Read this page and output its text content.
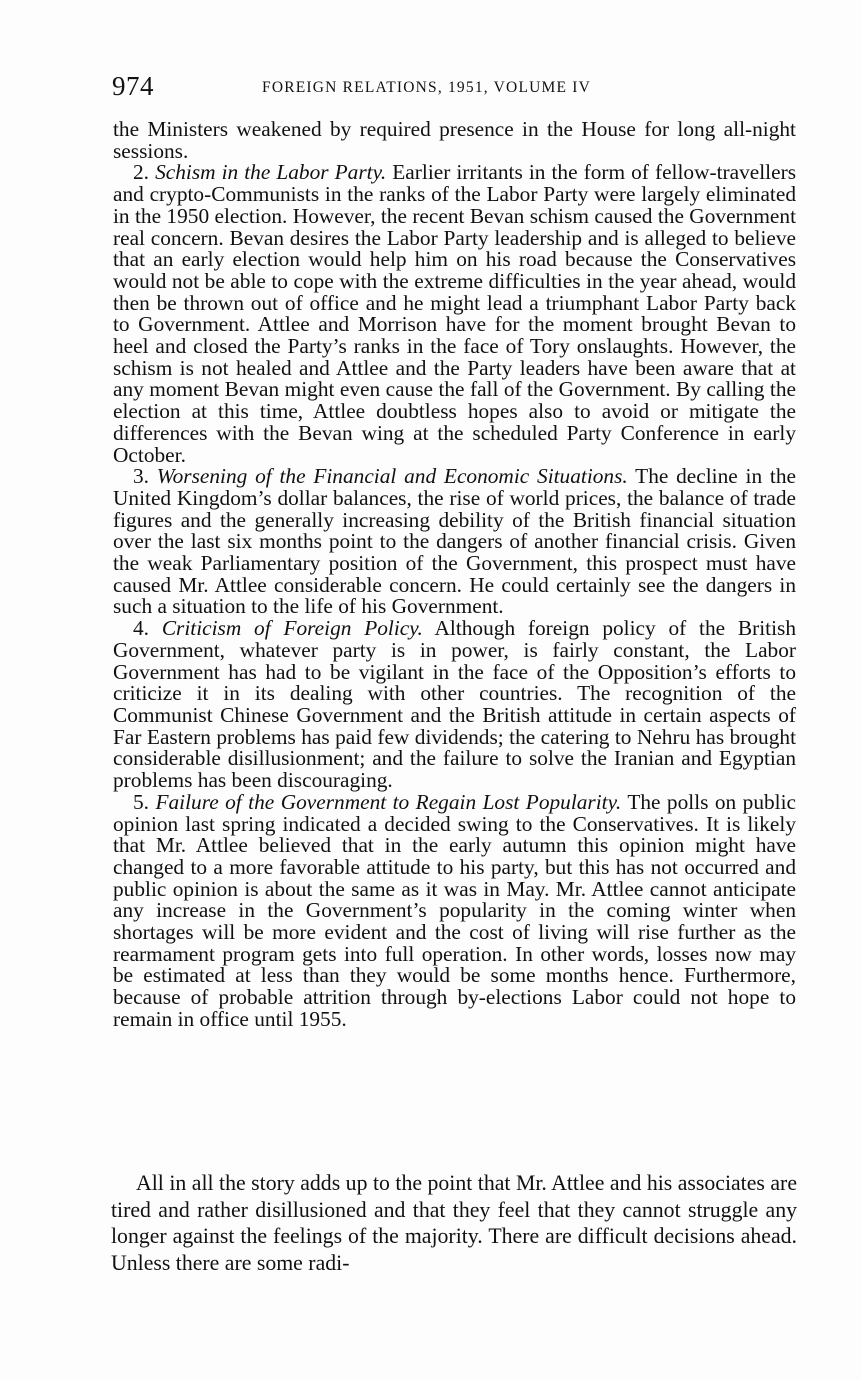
974	FOREIGN RELATIONS, 1951, VOLUME IV

the Ministers weakened by required presence in the House for long all-night sessions.

2. Schism in the Labor Party. Earlier irritants in the form of fellow-travellers and crypto-Communists in the ranks of the Labor Party were largely eliminated in the 1950 election. However, the recent Bevan schism caused the Government real concern. Bevan desires the Labor Party leadership and is alleged to believe that an early election would help him on his road because the Conservatives would not be able to cope with the extreme difficulties in the year ahead, would then be thrown out of office and he might lead a triumphant Labor Party back to Government. Attlee and Morrison have for the moment brought Bevan to heel and closed the Party’s ranks in the face of Tory onslaughts. However, the schism is not healed and Attlee and the Party leaders have been aware that at any moment Bevan might even cause the fall of the Government. By calling the election at this time, Attlee doubtless hopes also to avoid or mitigate the differences with the Bevan wing at the scheduled Party Conference in early October.

3. Worsening of the Financial and Economic Situations. The decline in the United Kingdom’s dollar balances, the rise of world prices, the balance of trade figures and the generally increasing debility of the British financial situation over the last six months point to the dangers of another financial crisis. Given the weak Parliamentary position of the Government, this prospect must have caused Mr. Attlee considerable concern. He could certainly see the dangers in such a situation to the life of his Government.

4. Criticism of Foreign Policy. Although foreign policy of the British Government, whatever party is in power, is fairly constant, the Labor Government has had to be vigilant in the face of the Opposition’s efforts to criticize it in its dealing with other countries. The recognition of the Communist Chinese Government and the British attitude in certain aspects of Far Eastern problems has paid few dividends; the catering to Nehru has brought considerable disillusionment; and the failure to solve the Iranian and Egyptian problems has been discouraging.

5. Failure of the Government to Regain Lost Popularity. The polls on public opinion last spring indicated a decided swing to the Conservatives. It is likely that Mr. Attlee believed that in the early autumn this opinion might have changed to a more favorable attitude to his party, but this has not occurred and public opinion is about the same as it was in May. Mr. Attlee cannot anticipate any increase in the Government’s popularity in the coming winter when shortages will be more evident and the cost of living will rise further as the rearmament program gets into full operation. In other words, losses now may be estimated at less than they would be some months hence. Furthermore, because of probable attrition through by-elections Labor could not hope to remain in office until 1955.

All in all the story adds up to the point that Mr. Attlee and his associates are tired and rather disillusioned and that they feel that they cannot struggle any longer against the feelings of the majority. There are difficult decisions ahead. Unless there are some radi-
